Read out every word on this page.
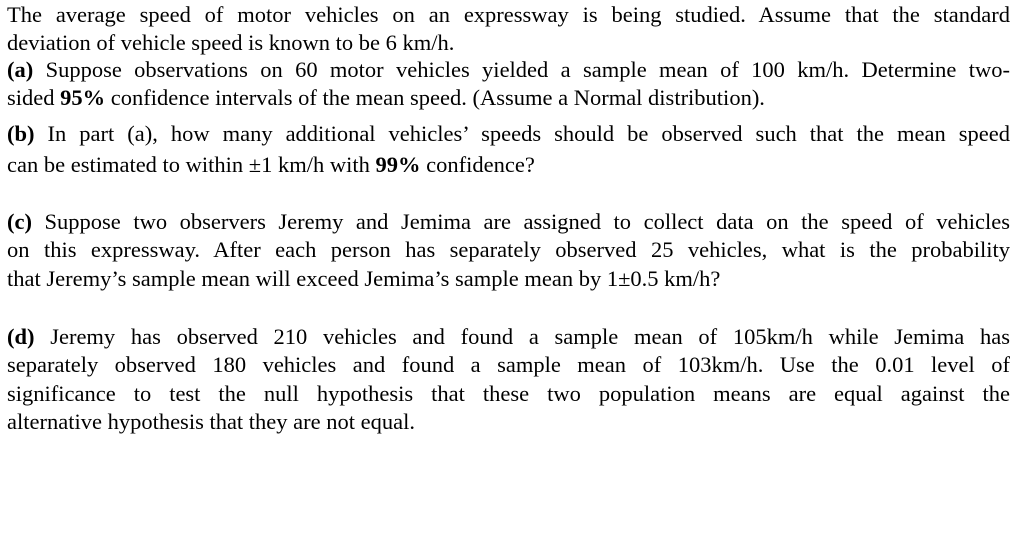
The average speed of motor vehicles on an expressway is being studied. Assume that the standard
deviation of vehicle speed is known to be 6 km/h.
(a) Suppose observations on 60 motor vehicles yielded a sample mean of 100 km/h. Determine two-
sided 95% confidence intervals of the mean speed. (Assume a Normal distribution).
(b) In part (a), how many additional vehicles’ speeds should be observed such that the mean speed
can be estimated to within ±1 km/h with 99% confidence?
(c) Suppose two observers Jeremy and Jemima are assigned to collect data on the speed of vehicles
on this expressway. After each person has separately observed 25 vehicles, what is the probability
that Jeremy’s sample mean will exceed Jemima’s sample mean by 1±0.5 km/h?
(d) Jeremy has observed 210 vehicles and found a sample mean of 105km/h while Jemima has
separately observed 180 vehicles and found a sample mean of 103km/h. Use the 0.01 level of
significance to test the null hypothesis that these two population means are equal against the
alternative hypothesis that they are not equal.
